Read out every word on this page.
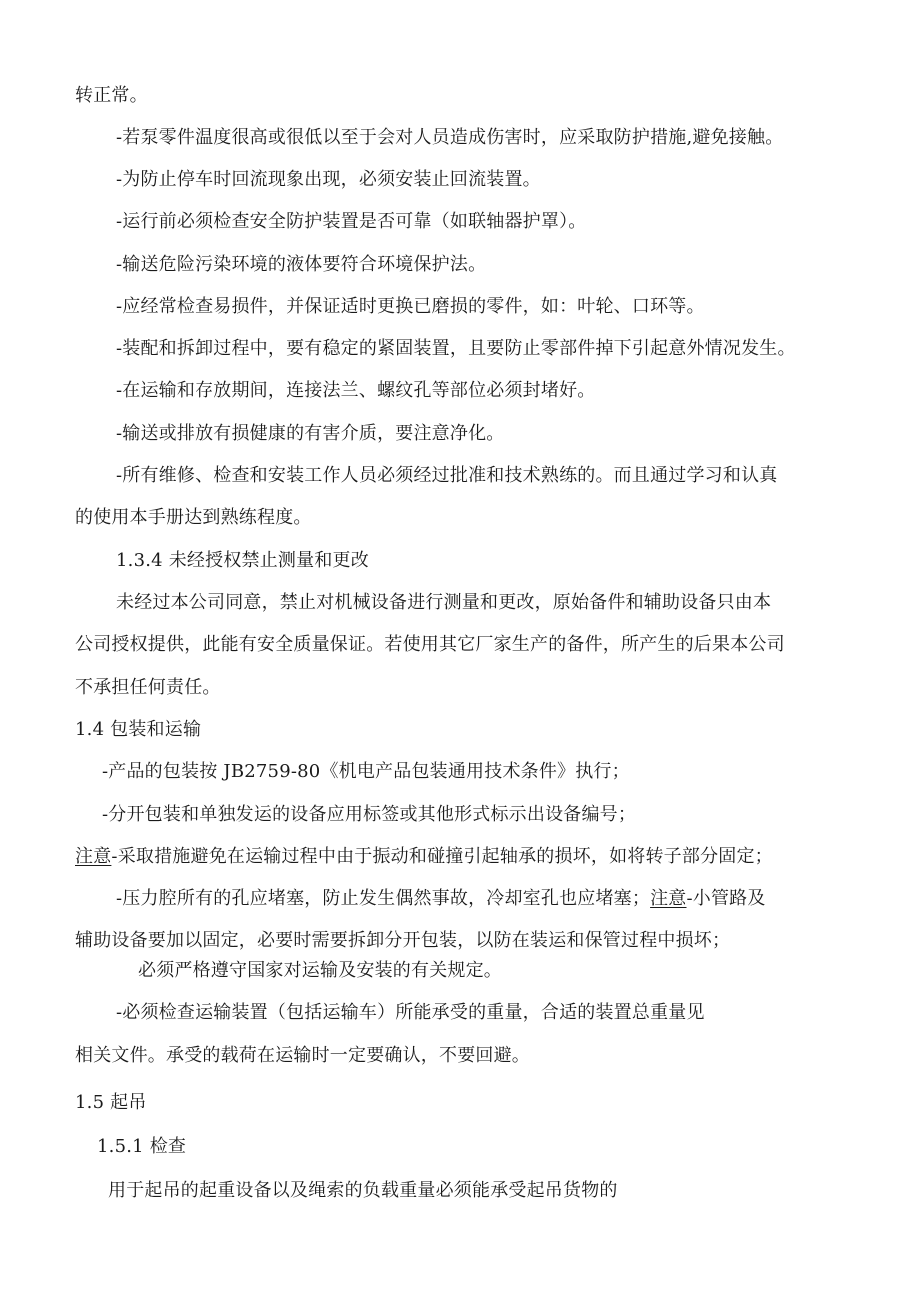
转正常。
-若泵零件温度很高或很低以至于会对人员造成伤害时，应采取防护措施,避免接触。
-为防止停车时回流现象出现，必须安装止回流装置。
-运行前必须检查安全防护装置是否可靠（如联轴器护罩）。
-输送危险污染环境的液体要符合环境保护法。
-应经常检查易损件，并保证适时更换已磨损的零件，如：叶轮、口环等。
-装配和拆卸过程中，要有稳定的紧固装置，且要防止零部件掉下引起意外情况发生。
-在运输和存放期间，连接法兰、螺纹孔等部位必须封堵好。
-输送或排放有损健康的有害介质，要注意净化。
-所有维修、检查和安装工作人员必须经过批准和技术熟练的。而且通过学习和认真
的使用本手册达到熟练程度。
1.3.4 未经授权禁止测量和更改
未经过本公司同意，禁止对机械设备进行测量和更改，原始备件和辅助设备只由本
公司授权提供，此能有安全质量保证。若使用其它厂家生产的备件，所产生的后果本公司
不承担任何责任。
1.4 包装和运输
-产品的包装按 JB2759-80《机电产品包装通用技术条件》执行；
-分开包装和单独发运的设备应用标签或其他形式标示出设备编号；
注意-采取措施避免在运输过程中由于振动和碰撞引起轴承的损坏，如将转子部分固定；
-压力腔所有的孔应堵塞，防止发生偶然事故，冷却室孔也应堵塞；注意-小管路及
辅助设备要加以固定，必要时需要拆卸分开包装，以防在装运和保管过程中损坏；
必须严格遵守国家对运输及安装的有关规定。
-必须检查运输装置（包括运输车）所能承受的重量，合适的装置总重量见
相关文件。承受的载荷在运输时一定要确认，不要回避。
1.5 起吊
1.5.1 检查
用于起吊的起重设备以及绳索的负载重量必须能承受起吊货物的
